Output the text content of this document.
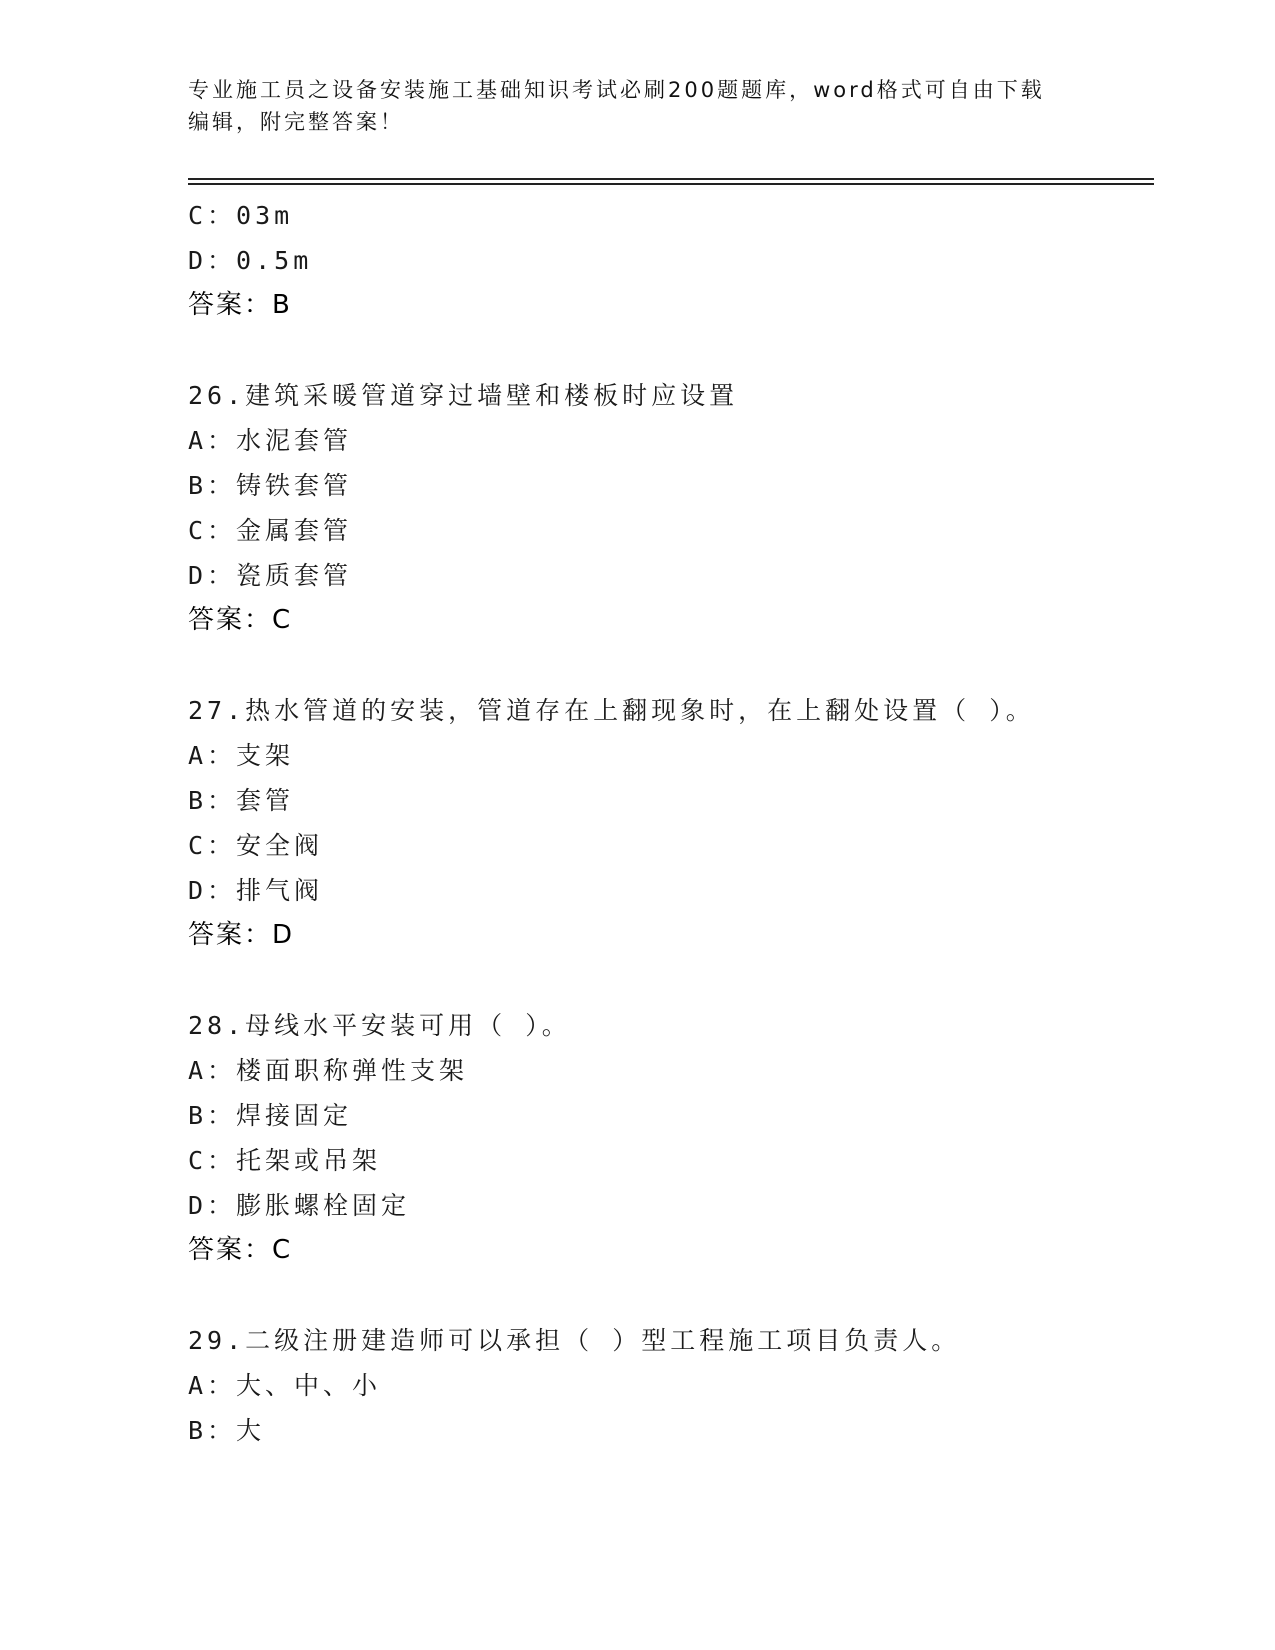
专业施工员之设备安装施工基础知识考试必刷200题题库，word格式可自由下载
编辑，附完整答案！
C：03m
D：0.5m
答案：B
26.建筑采暖管道穿过墙壁和楼板时应设置
A：水泥套管
B：铸铁套管
C：金属套管
D：瓷质套管
答案：C
27.热水管道的安装，管道存在上翻现象时，在上翻处设置（ ）。
A：支架
B：套管
C：安全阀
D：排气阀
答案：D
28.母线水平安装可用（ ）。
A：楼面职称弹性支架
B：焊接固定
C：托架或吊架
D：膨胀螺栓固定
答案：C
29.二级注册建造师可以承担（ ）型工程施工项目负责人。
A：大、中、小
B：大
